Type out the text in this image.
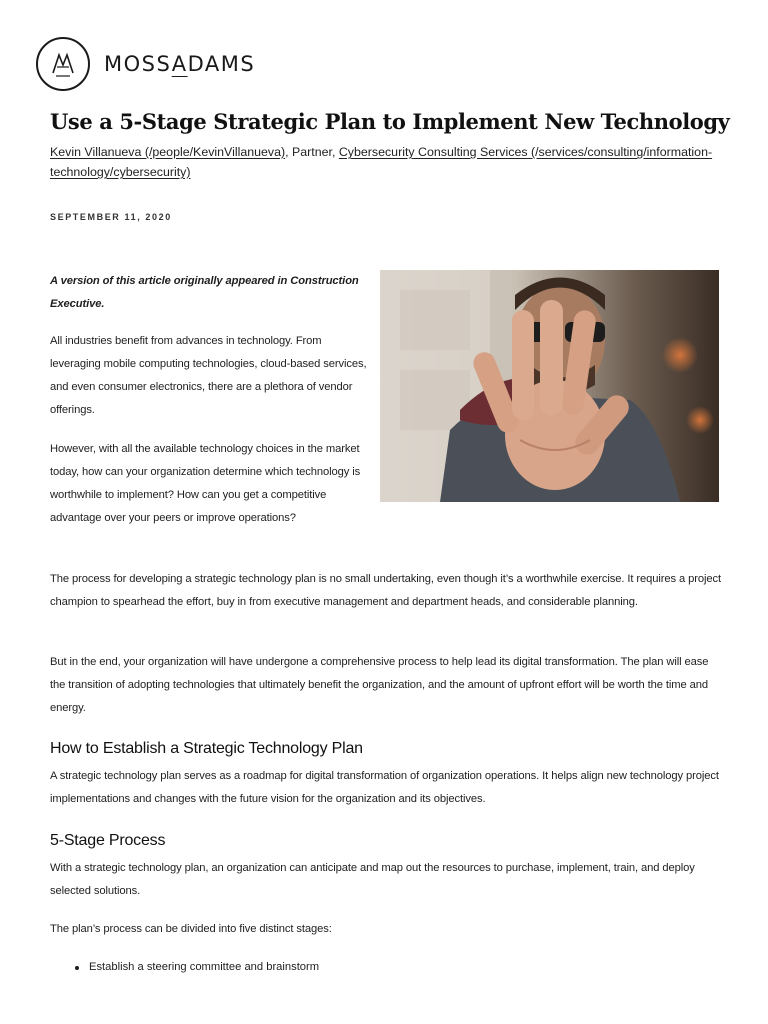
MOSSADAMS
Use a 5-Stage Strategic Plan to Implement New Technology
Kevin Villanueva (/people/KevinVillanueva), Partner, Cybersecurity Consulting Services (/services/consulting/information-technology/cybersecurity)
SEPTEMBER 11, 2020

A version of this article originally appeared in Construction Executive.

All industries benefit from advances in technology. From leveraging mobile computing technologies, cloud-based services, and even consumer electronics, there are a plethora of vendor offerings.

However, with all the available technology choices in the market today, how can your organization determine which technology is worthwhile to implement? How can you get a competitive advantage over your peers or improve operations?

The process for developing a strategic technology plan is no small undertaking, even though it’s a worthwhile exercise. It requires a project champion to spearhead the effort, buy in from executive management and department heads, and considerable planning.

But in the end, your organization will have undergone a comprehensive process to help lead its digital transformation. The plan will ease the transition of adopting technologies that ultimately benefit the organization, and the amount of upfront effort will be worth the time and energy.

How to Establish a Strategic Technology Plan

A strategic technology plan serves as a roadmap for digital transformation of organization operations. It helps align new technology project implementations and changes with the future vision for the organization and its objectives.

5-Stage Process

With a strategic technology plan, an organization can anticipate and map out the resources to purchase, implement, train, and deploy selected solutions.

The plan’s process can be divided into five distinct stages:

Establish a steering committee and brainstorm
